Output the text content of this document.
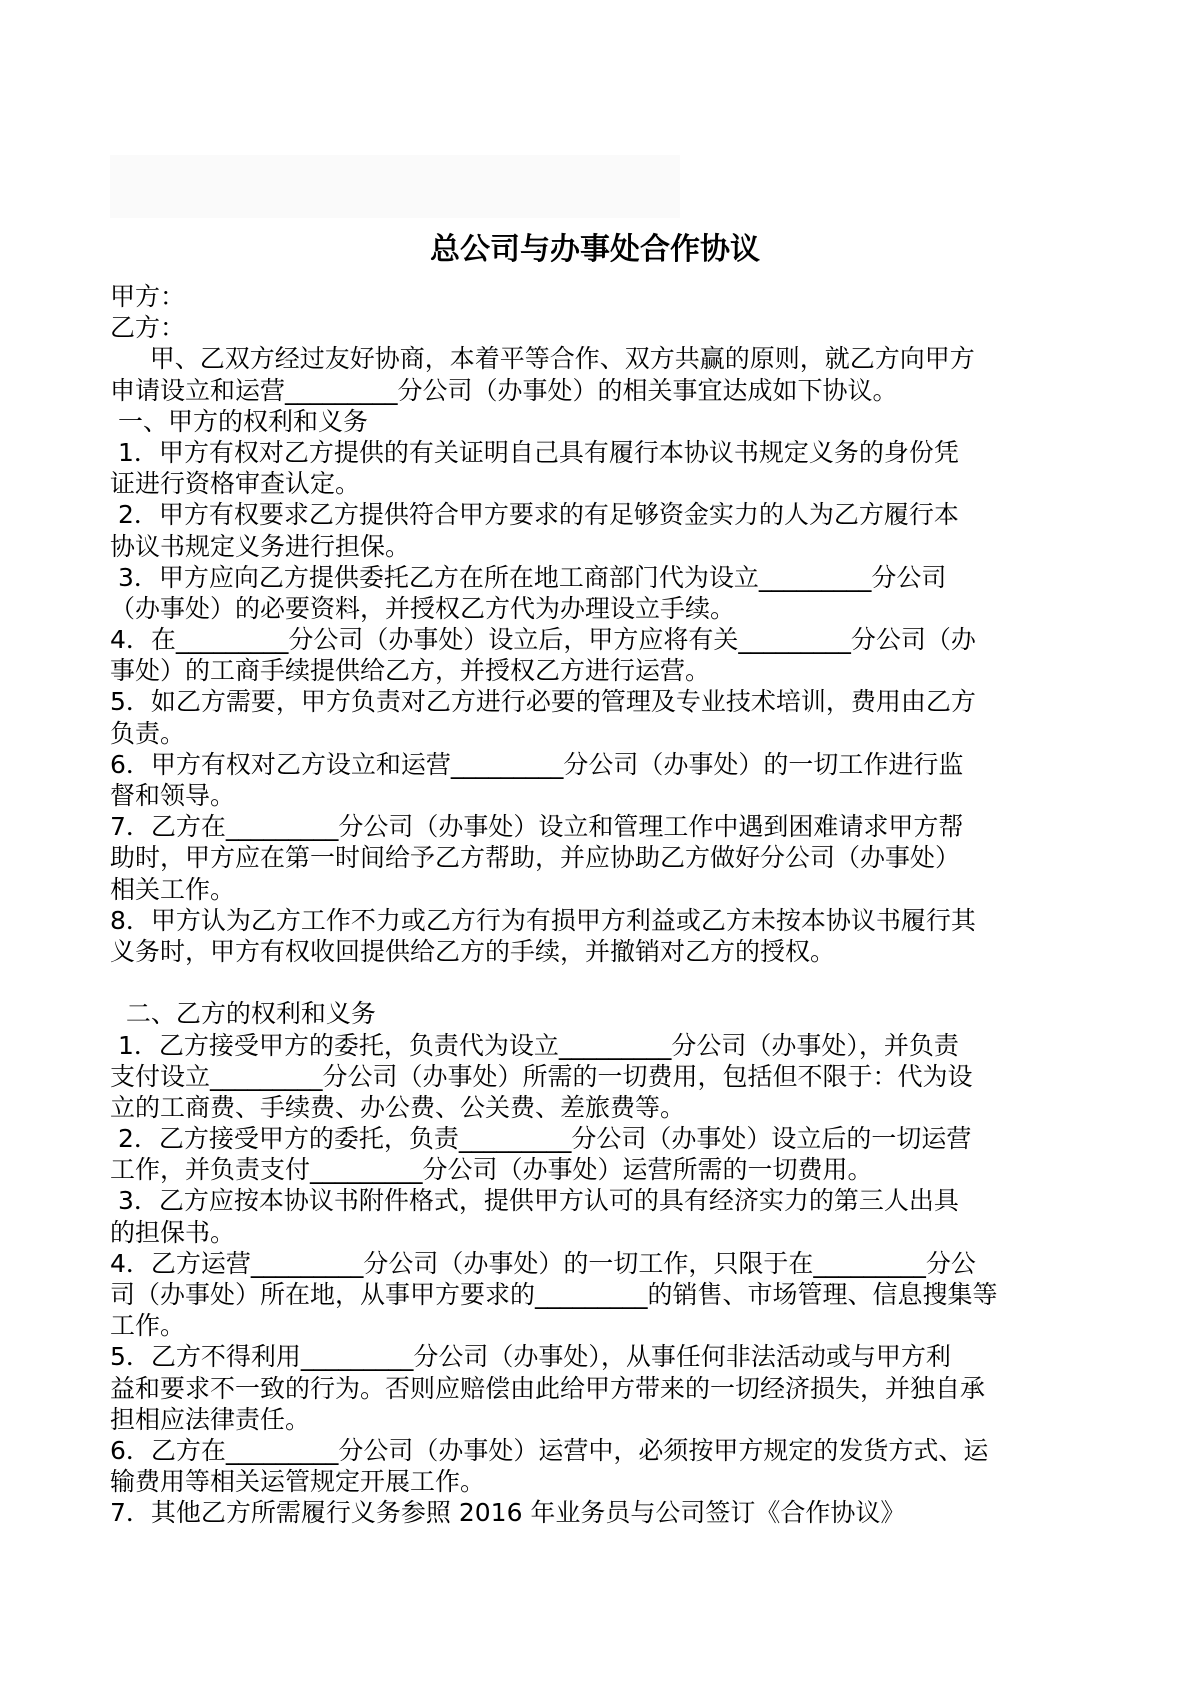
总公司与办事处合作协议
甲方：
乙方：
甲、乙双方经过友好协商，本着平等合作、双方共赢的原则，就乙方向甲方
申请设立和运营_________分公司（办事处）的相关事宜达成如下协议。
一、甲方的权利和义务
1．甲方有权对乙方提供的有关证明自己具有履行本协议书规定义务的身份凭
证进行资格审查认定。
2．甲方有权要求乙方提供符合甲方要求的有足够资金实力的人为乙方履行本
协议书规定义务进行担保。
3．甲方应向乙方提供委托乙方在所在地工商部门代为设立_________分公司
（办事处）的必要资料，并授权乙方代为办理设立手续。
4．在_________分公司（办事处）设立后，甲方应将有关_________分公司（办
事处）的工商手续提供给乙方，并授权乙方进行运营。
5．如乙方需要，甲方负责对乙方进行必要的管理及专业技术培训，费用由乙方
负责。
6．甲方有权对乙方设立和运营_________分公司（办事处）的一切工作进行监
督和领导。
7．乙方在_________分公司（办事处）设立和管理工作中遇到困难请求甲方帮
助时，甲方应在第一时间给予乙方帮助，并应协助乙方做好分公司（办事处）
相关工作。
8．甲方认为乙方工作不力或乙方行为有损甲方利益或乙方未按本协议书履行其
义务时，甲方有权收回提供给乙方的手续，并撤销对乙方的授权。
二、乙方的权利和义务
1．乙方接受甲方的委托，负责代为设立_________分公司（办事处），并负责
支付设立_________分公司（办事处）所需的一切费用，包括但不限于：代为设
立的工商费、手续费、办公费、公关费、差旅费等。
2．乙方接受甲方的委托，负责_________分公司（办事处）设立后的一切运营
工作，并负责支付_________分公司（办事处）运营所需的一切费用。
3．乙方应按本协议书附件格式，提供甲方认可的具有经济实力的第三人出具
的担保书。
4．乙方运营_________分公司（办事处）的一切工作，只限于在_________分公
司（办事处）所在地，从事甲方要求的_________的销售、市场管理、信息搜集等
工作。
5．乙方不得利用_________分公司（办事处），从事任何非法活动或与甲方利
益和要求不一致的行为。否则应赔偿由此给甲方带来的一切经济损失，并独自承
担相应法律责任。
6．乙方在_________分公司（办事处）运营中，必须按甲方规定的发货方式、运
输费用等相关运管规定开展工作。
7．其他乙方所需履行义务参照 2016 年业务员与公司签订《合作协议》
